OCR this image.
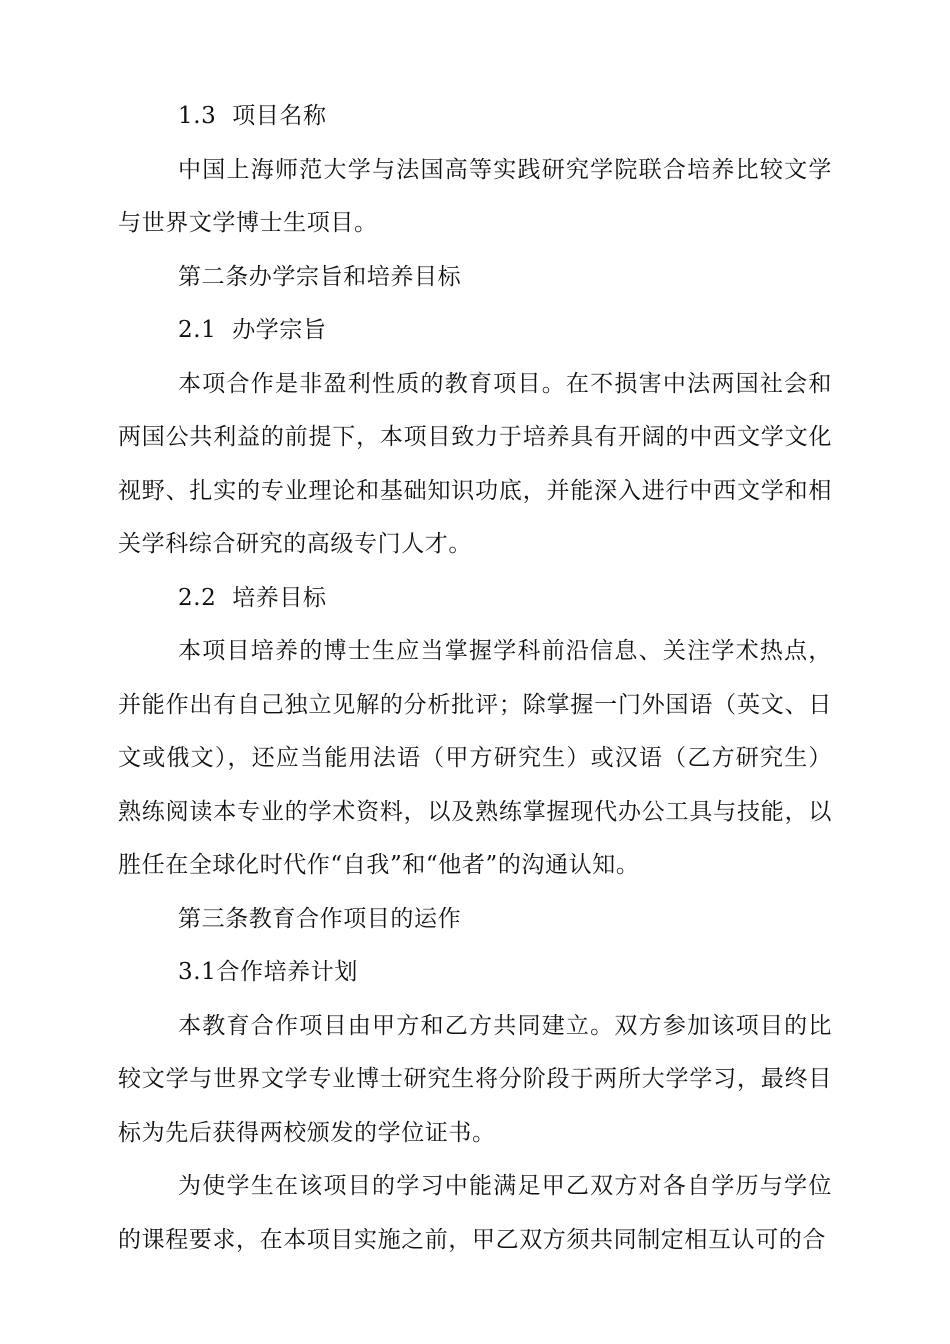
1.3  项目名称

中国上海师范大学与法国高等实践研究学院联合培养比较文学与世界文学博士生项目。

第二条办学宗旨和培养目标

2.1  办学宗旨

本项合作是非盈利性质的教育项目。在不损害中法两国社会和两国公共利益的前提下，本项目致力于培养具有开阔的中西文学文化视野、扎实的专业理论和基础知识功底，并能深入进行中西文学和相关学科综合研究的高级专门人才。

2.2  培养目标

本项目培养的博士生应当掌握学科前沿信息、关注学术热点，并能作出有自己独立见解的分析批评；除掌握一门外国语（英文、日文或俄文），还应当能用法语（甲方研究生）或汉语（乙方研究生）熟练阅读本专业的学术资料，以及熟练掌握现代办公工具与技能，以胜任在全球化时代作“自我”和“他者”的沟通认知。

第三条教育合作项目的运作

3.1合作培养计划

本教育合作项目由甲方和乙方共同建立。双方参加该项目的比较文学与世界文学专业博士研究生将分阶段于两所大学学习，最终目标为先后获得两校颁发的学位证书。

为使学生在该项目的学习中能满足甲乙双方对各自学历与学位的课程要求，在本项目实施之前，甲乙双方须共同制定相互认可的合
